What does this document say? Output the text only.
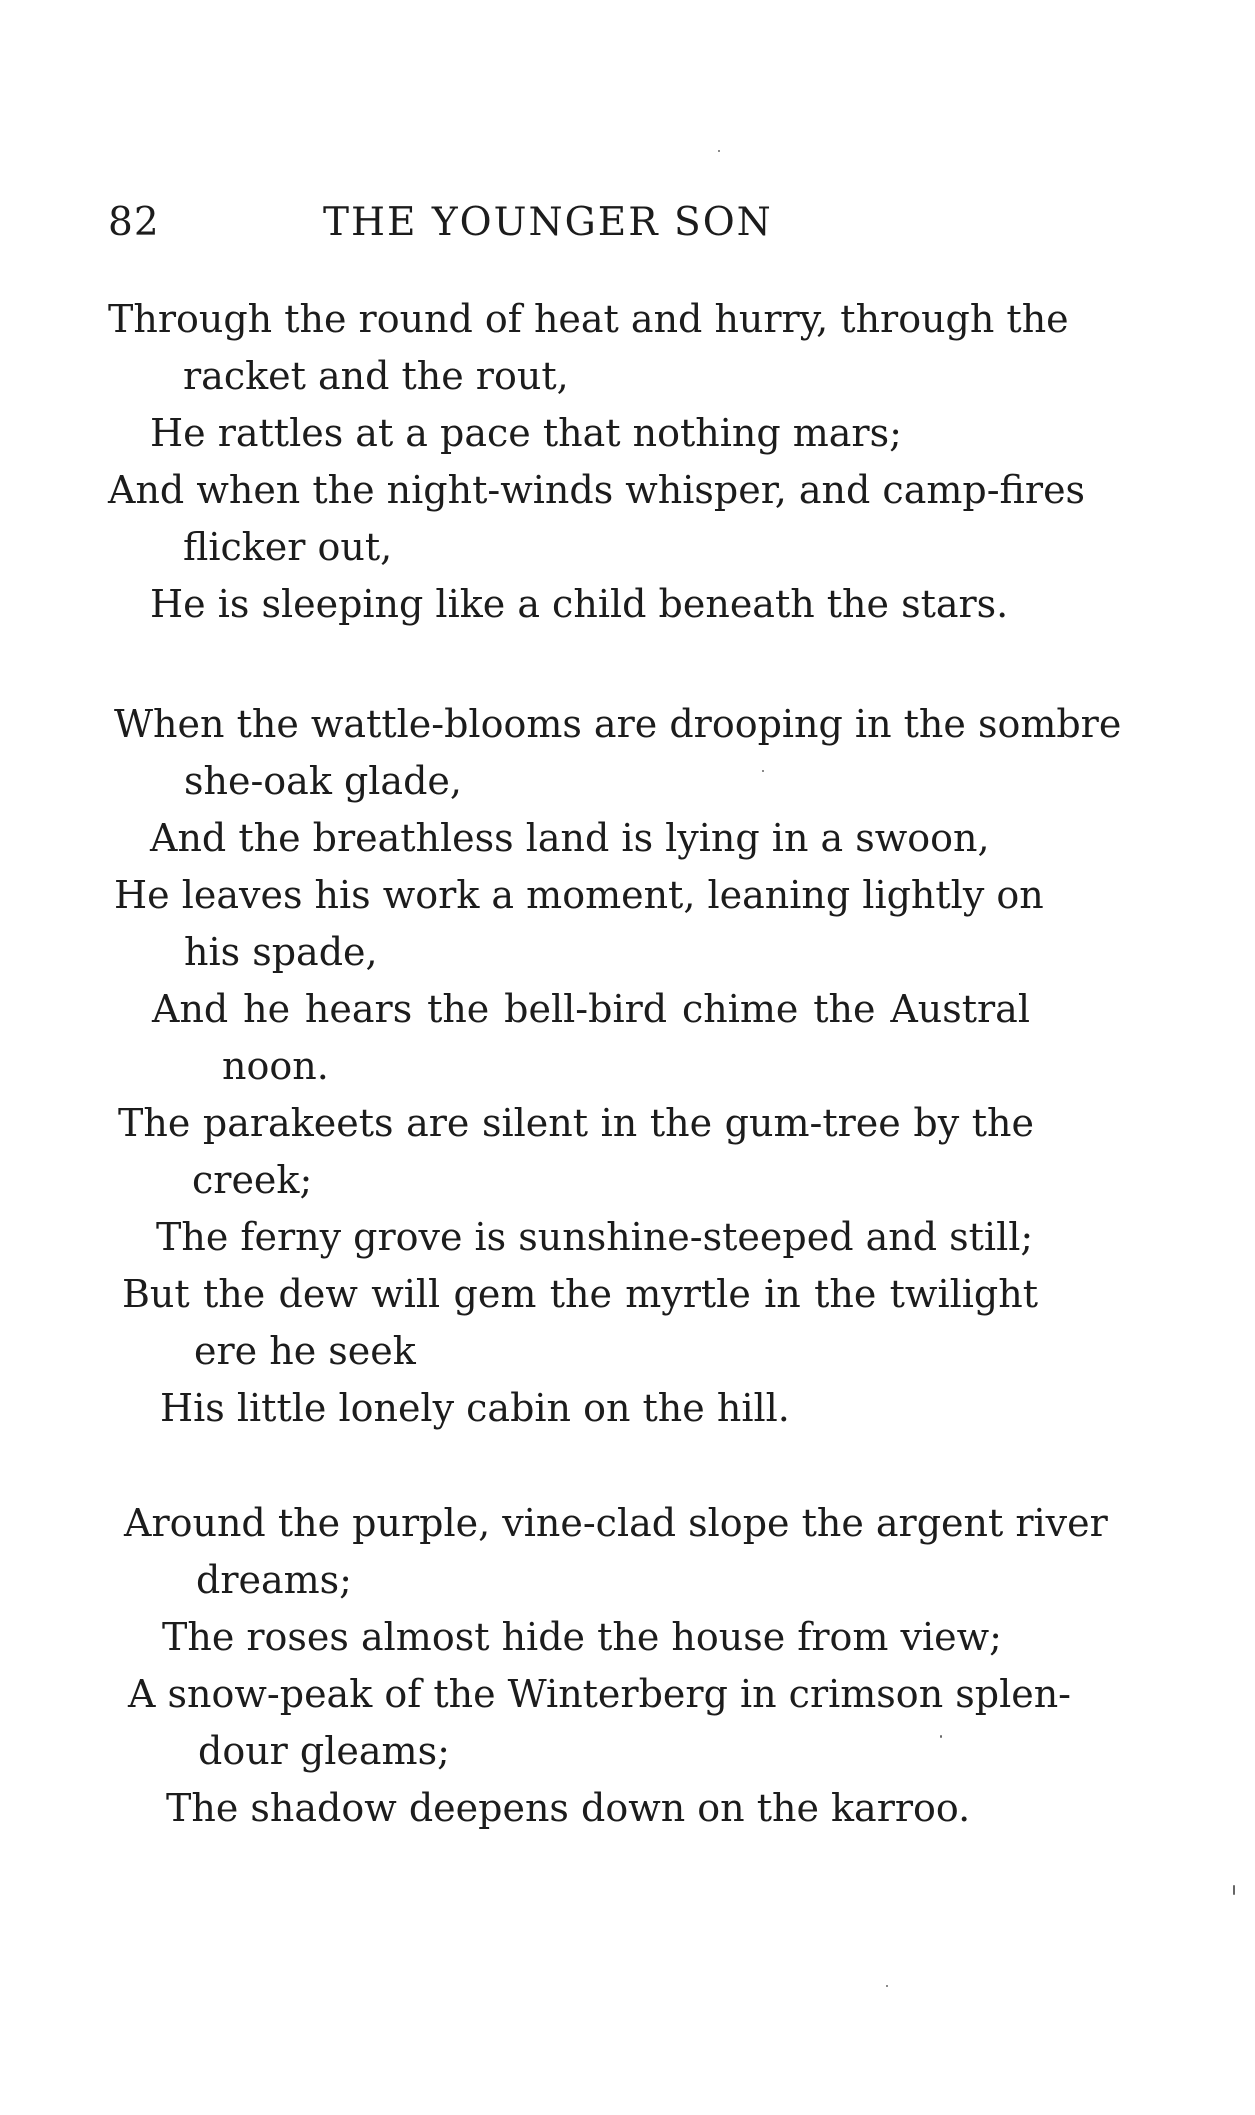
82	THE YOUNGER SON
Through the round of heat and hurry, through the
racket and the rout,
He rattles at a pace that nothing mars;
And when the night-winds whisper, and camp-fires
flicker out,
He is sleeping like a child beneath the stars.
When the wattle-blooms are drooping in the sombre
she-oak glade,
And the breathless land is lying in a swoon,
He leaves his work a moment, leaning lightly on
his spade,
And he hears the bell-bird chime the Austral
noon.
The parakeets are silent in the gum-tree by the
creek;
The ferny grove is sunshine-steeped and still;
But the dew will gem the myrtle in the twilight
ere he seek
His little lonely cabin on the hill.
Around the purple, vine-clad slope the argent river
dreams;
The roses almost hide the house from view;
A snow-peak of the Winterberg in crimson splen-
dour gleams;
The shadow deepens down on the karroo.
